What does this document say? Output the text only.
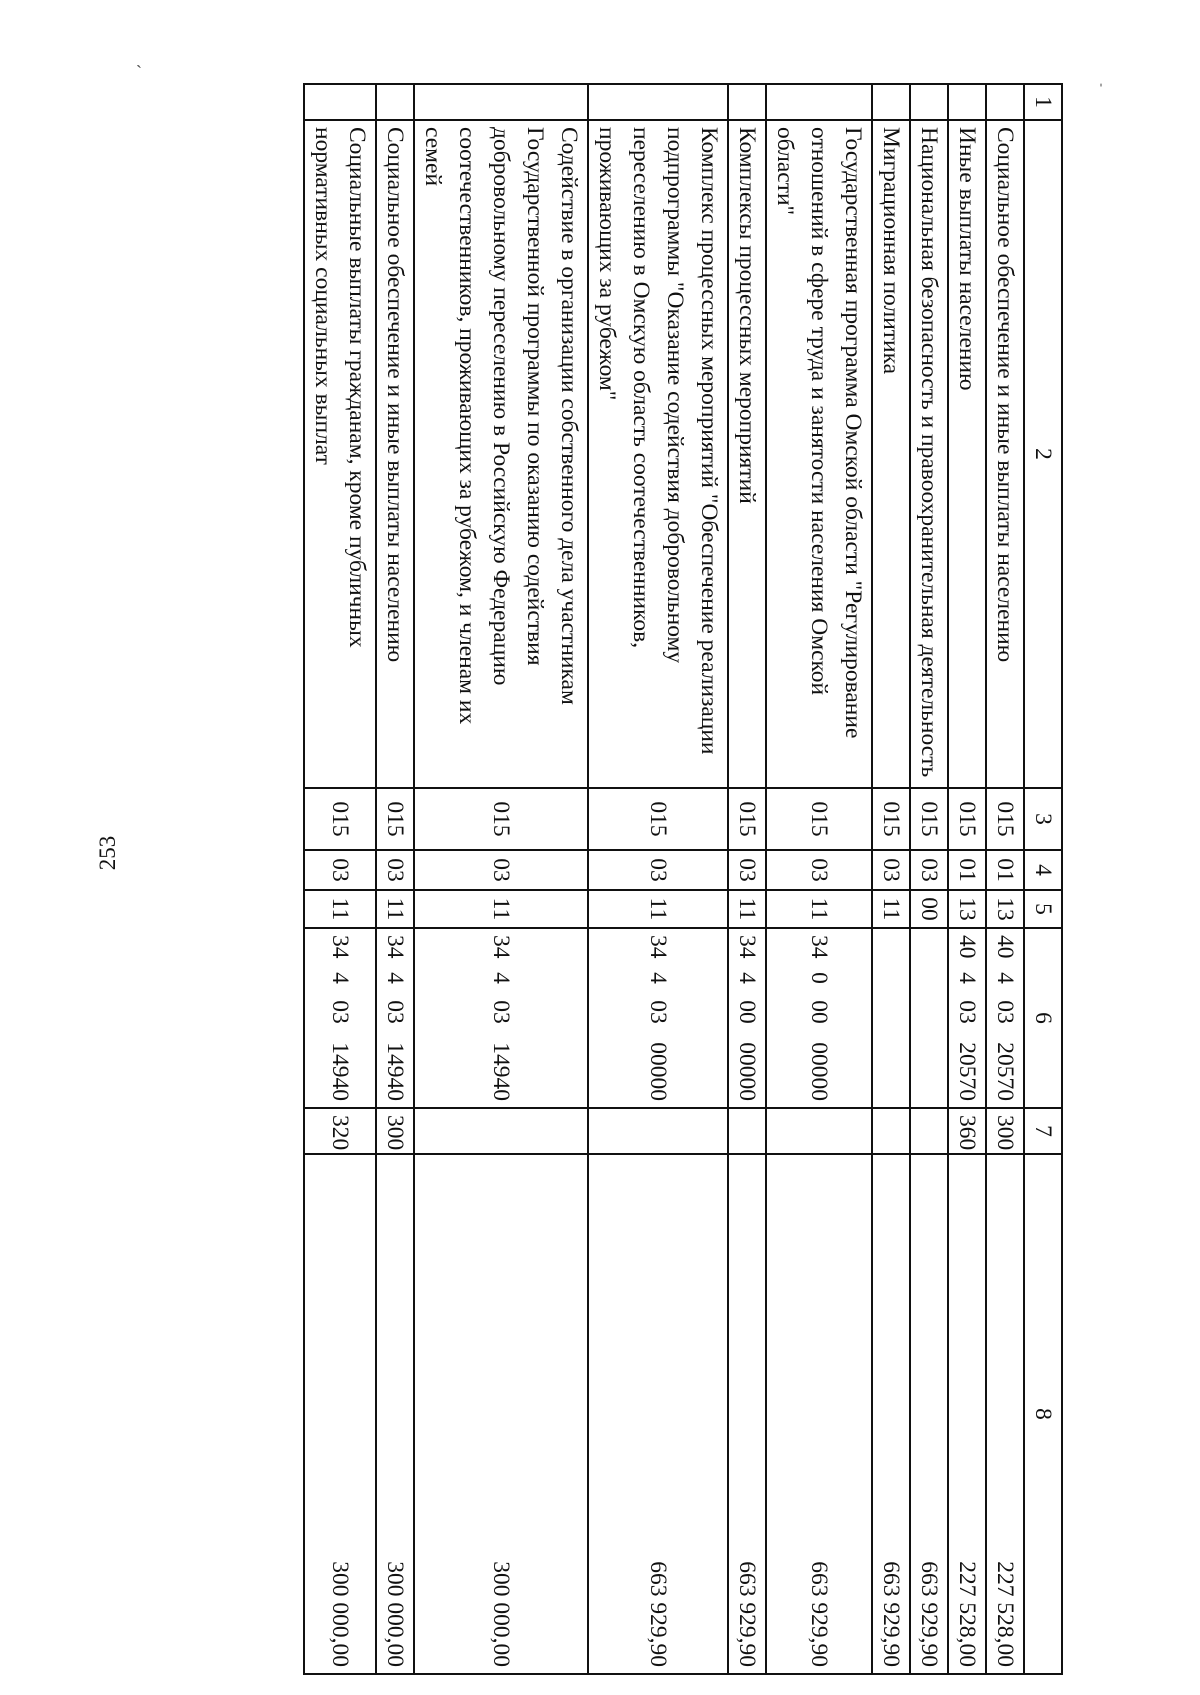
253
ˋ
ˈ
1	2	3	4	5	6				7	8
	Социальное обеспечение и иные выплаты населению	015	01	13	40	4	03	20570	300	227 528,00
	Иные выплаты населению	015	01	13	40	4	03	20570	360	227 528,00
	Национальная безопасность и правоохранительная деятельность	015	03	00						663 929,90
	Миграционная политика	015	03	11						663 929,90
	Государственная программа Омской области "Регулирование отношений в сфере труда и занятости населения Омской области"	015	03	11	34	0	00	00000		663 929,90
	Комплексы процессных мероприятий	015	03	11	34	4	00	00000		663 929,90
	Комплекс процессных мероприятий "Обеспечение реализации подпрограммы "Оказание содействия добровольному переселению в Омскую область соотечественников, проживающих за рубежом"	015	03	11	34	4	03	00000		663 929,90
	Содействие в организации собственного дела участникам Государственной программы по оказанию содействия добровольному переселению в Российскую Федерацию соотечественников, проживающих за рубежом, и членам их семей	015	03	11	34	4	03	14940		300 000,00
	Социальное обеспечение и иные выплаты населению	015	03	11	34	4	03	14940	300	300 000,00
	Социальные выплаты гражданам, кроме публичных нормативных социальных выплат	015	03	11	34	4	03	14940	320	300 000,00
